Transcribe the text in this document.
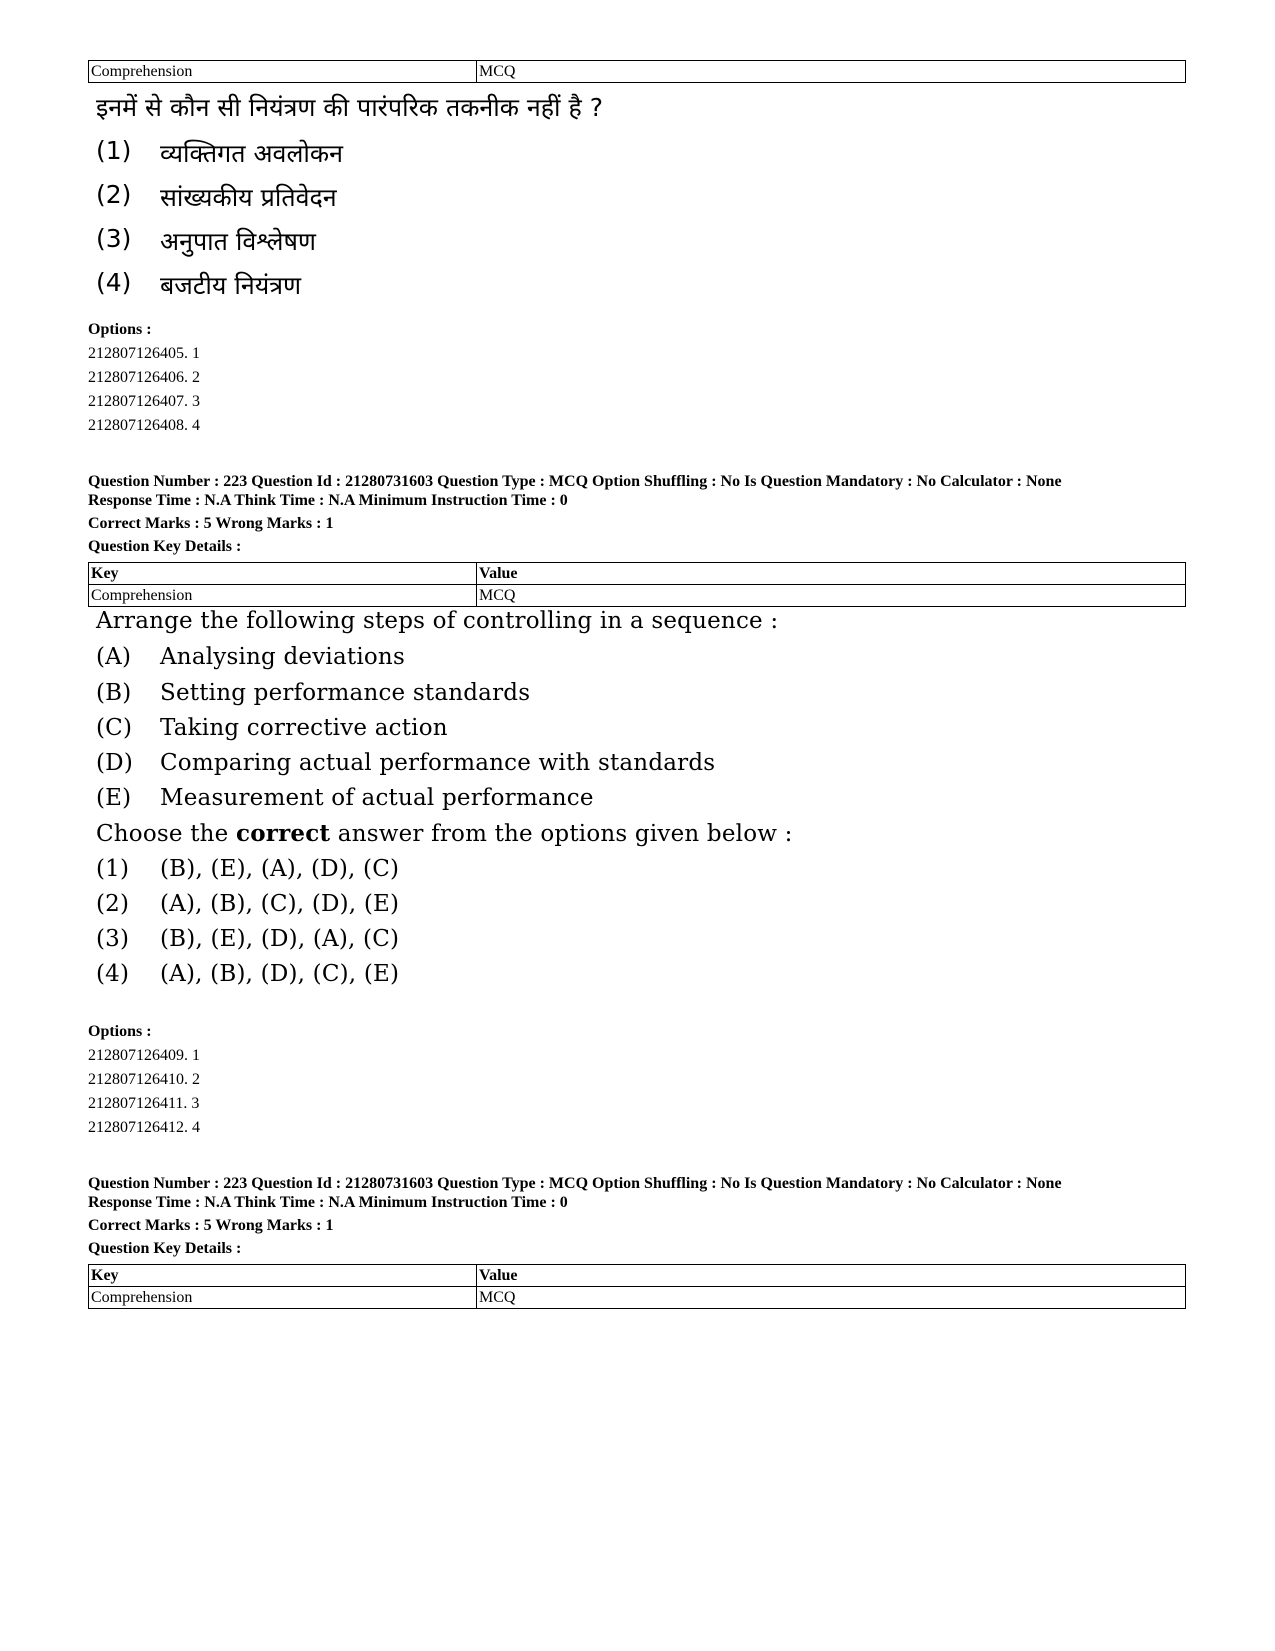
Comprehension	MCQ
इनमें से कौन सी नियंत्रण की पारंपरिक तकनीक नहीं है ?
(1) व्यक्तिगत अवलोकन
(2) सांख्यकीय प्रतिवेदन
(3) अनुपात विश्लेषण
(4) बजटीय नियंत्रण
Options :
212807126405. 1
212807126406. 2
212807126407. 3
212807126408. 4
Question Number : 223 Question Id : 21280731603 Question Type : MCQ Option Shuffling : No Is Question Mandatory : No Calculator : None
Response Time : N.A Think Time : N.A Minimum Instruction Time : 0
Correct Marks : 5 Wrong Marks : 1
Question Key Details :
Key	Value
Comprehension	MCQ
Arrange the following steps of controlling in a sequence :
(A) Analysing deviations
(B) Setting performance standards
(C) Taking corrective action
(D) Comparing actual performance with standards
(E) Measurement of actual performance
Choose the correct answer from the options given below :
(1) (B), (E), (A), (D), (C)
(2) (A), (B), (C), (D), (E)
(3) (B), (E), (D), (A), (C)
(4) (A), (B), (D), (C), (E)
Options :
212807126409. 1
212807126410. 2
212807126411. 3
212807126412. 4
Question Number : 223 Question Id : 21280731603 Question Type : MCQ Option Shuffling : No Is Question Mandatory : No Calculator : None
Response Time : N.A Think Time : N.A Minimum Instruction Time : 0
Correct Marks : 5 Wrong Marks : 1
Question Key Details :
Key	Value
Comprehension	MCQ
